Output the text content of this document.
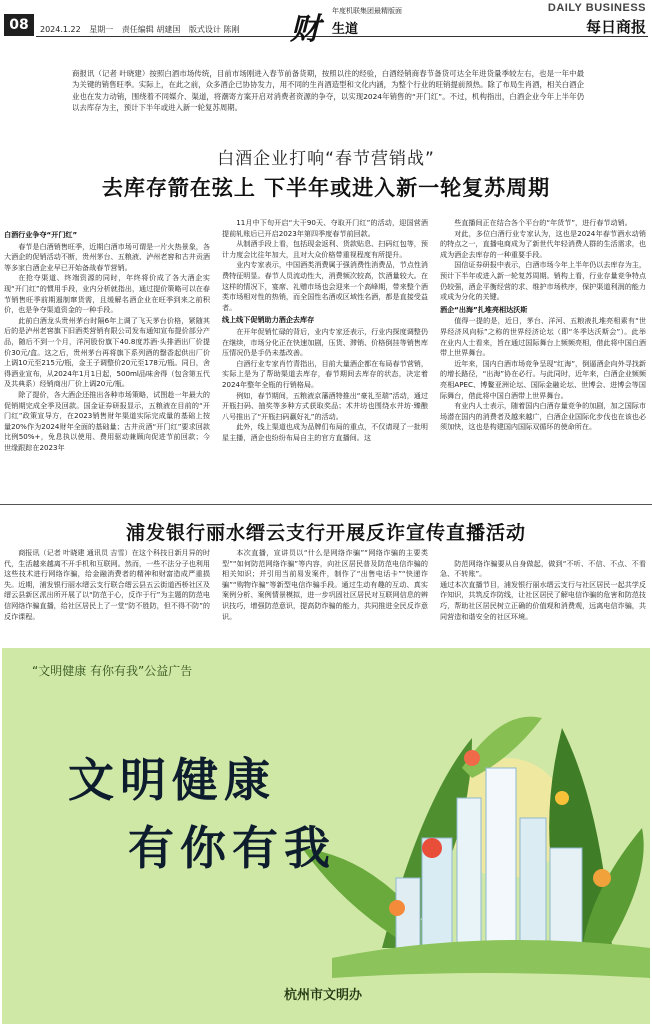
08	2024.1.22 星期一 责任编辑 胡建国 版式设计 陈刚 财
年度机联集团最精版面
生道
DAILY BUSINESS
每日商报
商报讯（记者 叶晓建）按照白酒市场传统，目前市场刚进入春节前备货期，按照以往的经验，白酒经销商春节备货可达全年进货量季较左右，也是一年中最为关键的销售旺季。实际上，在此之前，众多酒企已协协发力，用不同的生肖酒造型和文化内涵，为整个行业的旺销提前预热。除了布局生肖酒，相关白酒企业也在发力动销，围绕着不同媒介、渠道，将潮寄方案开启对消费者资源的争夺，以实现2024年销售的“开门红”。不过，机构指出，白酒企业今年上半年仍以去库存为主，预计下半年或进入新一轮复苏周期。
白酒企业打响“春节营销战”
去库存箭在弦上 下半年或进入新一轮复苏周期
白酒行业争夺“开门红”

春节是白酒销售旺季，近期白酒市场可谓是一片火热景象，各大酒企的促销活动不断，贵州茅台、五粮液、泸州老窖和古井贡酒等多家白酒企业早已开始备战春节营销。

在抢夺渠道、终端资源的同时，年终将价成了各大酒企实现“开门红”的惯用手段，业内分析就指出，通过提价策略可以在春节销售旺季前期遏制窜货需，且缓解名酒企业在旺季到来之前积价，也是争夺渠道资金的一种手段。

此前白酒龙头贵州茅台时隔6年上调了飞天茅台价格，紧随其后的是泸州老窖旗下旧酒类营销有限公司发布通知宣布提价部分产品，随后不到一个月，洋河股份旗下40.8度苏酒·头排酒出厂价提价30元/盒。这之后，贵州茅台再将旗下系列酒的罄香起供出厂价上调10元至215元/瓶，金王子调整价20元至178元/瓶。同日，舍得酒业宣布，从2024年1月1日起，500ml品味舍得（包含第五代及共典系）经销商出厂价上调20元/瓶。

除了提价，各大酒企还推出各种市场策略，试图趁一年最大的促销期完成全季及回款。国金证券研报显示，五粮液在目前的“开门红”政策宣导方，在2023销售财年渠道实际完成量的基础上按量20%作为2024财年全面的基础量；古井贡酒“开门红”要求回款比例50%+，免息执以使用、费用驱动兼顾向促进节前回款；今世缘跟踪在2023年

11月中下旬开启“大干90天、夺取开门红”的活动，迎国营酒提前轧账后已开启2023年第四季度春节前回款。

从制酒手段上看，包括现金返利、货款贴息、扫码红包等，预计力度会比往年加大，且对大众价格带重视程度有所提升。

业内专家表示，中国酒类消费属于强消费性消费品，节点性消费特征明显。春节人员流动性大，消费频次较高，饮酒量较大。在这样的情况下，宴席、礼赠市场也会迎来一个高峰期，带来整个酒类市场相对性的热销，而全国性名酒或区域性名酒，都是直接受益者。

线上线下促销助力酒企去库存

在开年促销忙碌的背后，业内专家还表示，行业内探度调整仍在继续，市场分化正在快速加剧，压货、滞销、价格倒挂等销售库压情况仍是手仍未基改善。

白酒行业专家肖竹青指出，目前大量酒企都在布局春节营销，实际上是为了帮助渠道去库存，春节期间去库存的状态，决定着2024年整年全瓶的行销格局。

例如，春节期间，五粮液京藩酒特推出“豪礼至瑞”活动，通过开瓶扫码、抽奖等多种方式获取奖品；术井坊也围绕水井坊·臻酿八号推出了“开瓶扫码赢好礼”的活动。

此外，线上渠道也成为品牌们布局的重点，不仅请现了一批明星主播，酒企也纷纷布局自主的官方直播间。这

些直播间正在结合各个平台的“年货节”，进行春节动销。

对此，多位白酒行业专家认为，这也是2024年春节酒水动销的特点之一，直播电商成为了新世代年轻消费人群的生活需求，也成为酒企去库存的一种重要手段。

国信证券研报中表示，白酒市场今年上半年仍以去库存为主，预计下半年或进入新一轮复苏周期。销构上看，行业存量竞争特点仍较强，酒企平衡经营的求、维护市场秩序，保护渠道利润的能力或成为分化的关键。

酒企“出海”扎堆亮相达沃斯

值得一提的是，近日，茅台、洋河、五粮液扎堆亮相素有“世界经济风向标”之称的世界经济论坛（即“冬季达沃斯会”）。此举在业内人士看来，旨在通过国际舞台上频频亮相，借此将中国白酒带上世界舞台。

近年来，国内白酒市场竞争呈现“红海”，倒逼酒企向外寻找新的增长路径，“出海”协在必行。与此同时，近年来，白酒企业频频亮相APEC、博鳌亚洲论坛、国际金融论坛、世博会、进博会等国际舞台，借此将中国白酒带上世界舞台。

有业内人士表示，随着国内白酒存量竞争的加剧，加之国际市场潜在国内的消费者及越来越广，白酒企业国际化步伐也在该也必须加快，这也是构建国内国际双循环的使命所在。

浦发银行丽水缙云支行开展反诈宣传直播活动

商报讯（记者 叶晓建 通讯员 吉雪）在这个科技日新月异的时代，生活越来越离不开手机和互联网。然而，一些不法分子也利用这些技术进行网络诈骗，给金融消费者的精神和财富造成严重损失。近期，浦发银行丽水缙云支行联合缙云县五云街道西桥社区及缙云县新区派出所开展了以“防范于心，反诈于行”为主题的防范电信网络诈骗直播，给社区居民上了一堂“防不胜防，但不得不防”的反诈课程。

本次直播，宣讲员以“什么是网络诈骗”“网络诈骗的主要类型”“如何防范网络诈骗”等内容，向社区居民普及防范电信诈骗的相关知识；并引用当前易发案件，制作了“出售电话卡”“快递诈骗”“购物诈骗”等新型电信诈骗手段。通过生动有趣的互动、真实案例分析、案例情景模拟，进一步巩固社区居民对互联网信息的辨识技巧，增强防范意识，提高防诈骗的能力，共同推进全民反诈意识。

防范网络诈骗要从自身做起，做到“不听、不信、不点、不看急、不转账”。
通过本次直播节目，浦发银行丽水缙云支行与社区居民一起共学反诈知识，共筑反诈防线，让社区居民了解电信诈骗的危害和防范技巧，帮助社区居民树立正确的价值观和消费观，远离电信诈骗，共同营造和谐安全的社区环境。

“文明健康 有你有我”公益广告
文明健康
有你有我
杭州市文明办
